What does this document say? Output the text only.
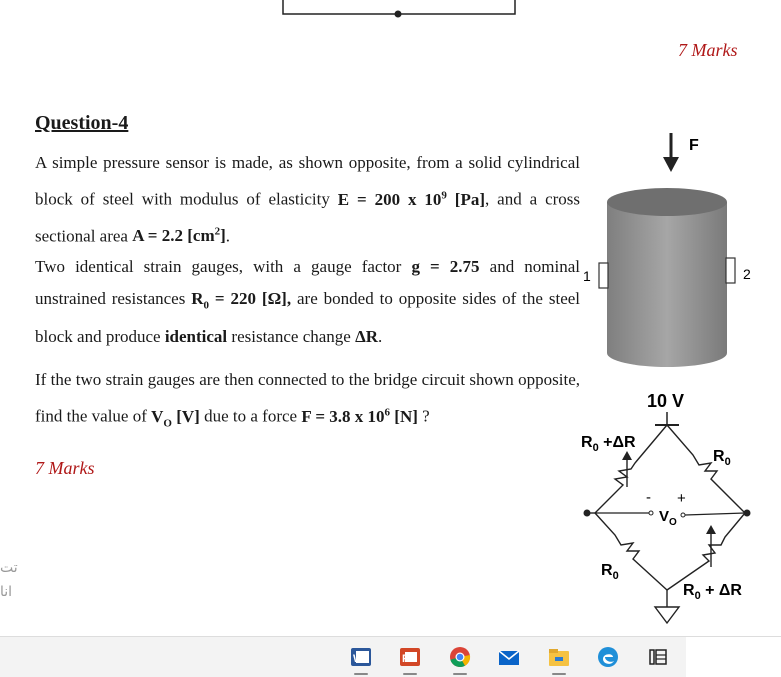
7 Marks
Question-4
A simple pressure sensor is made, as shown opposite, from a solid cylindrical block of steel with modulus of elasticity E = 200 x $10^9$ [Pa], and a cross sectional area A = 2.2 $[cm^2]$.
Two identical strain gauges, with a gauge factor g = 2.75 and nominal unstrained resistances $R_0 = 220$ [Ω], are bonded to opposite sides of the steel block and produce identical resistance change ΔR.
If the two strain gauges are then connected to the bridge circuit shown opposite, find the value of $V_O$ [V] due to a force F = 3.8 x $10^6$ [N] ?
7 Marks
تت
انا
F
1	2
10 V
- +
$V_O$
$R_0 +\Delta R$
$R_0$
$R_0$
$R_0 + \Delta R$
W	P
